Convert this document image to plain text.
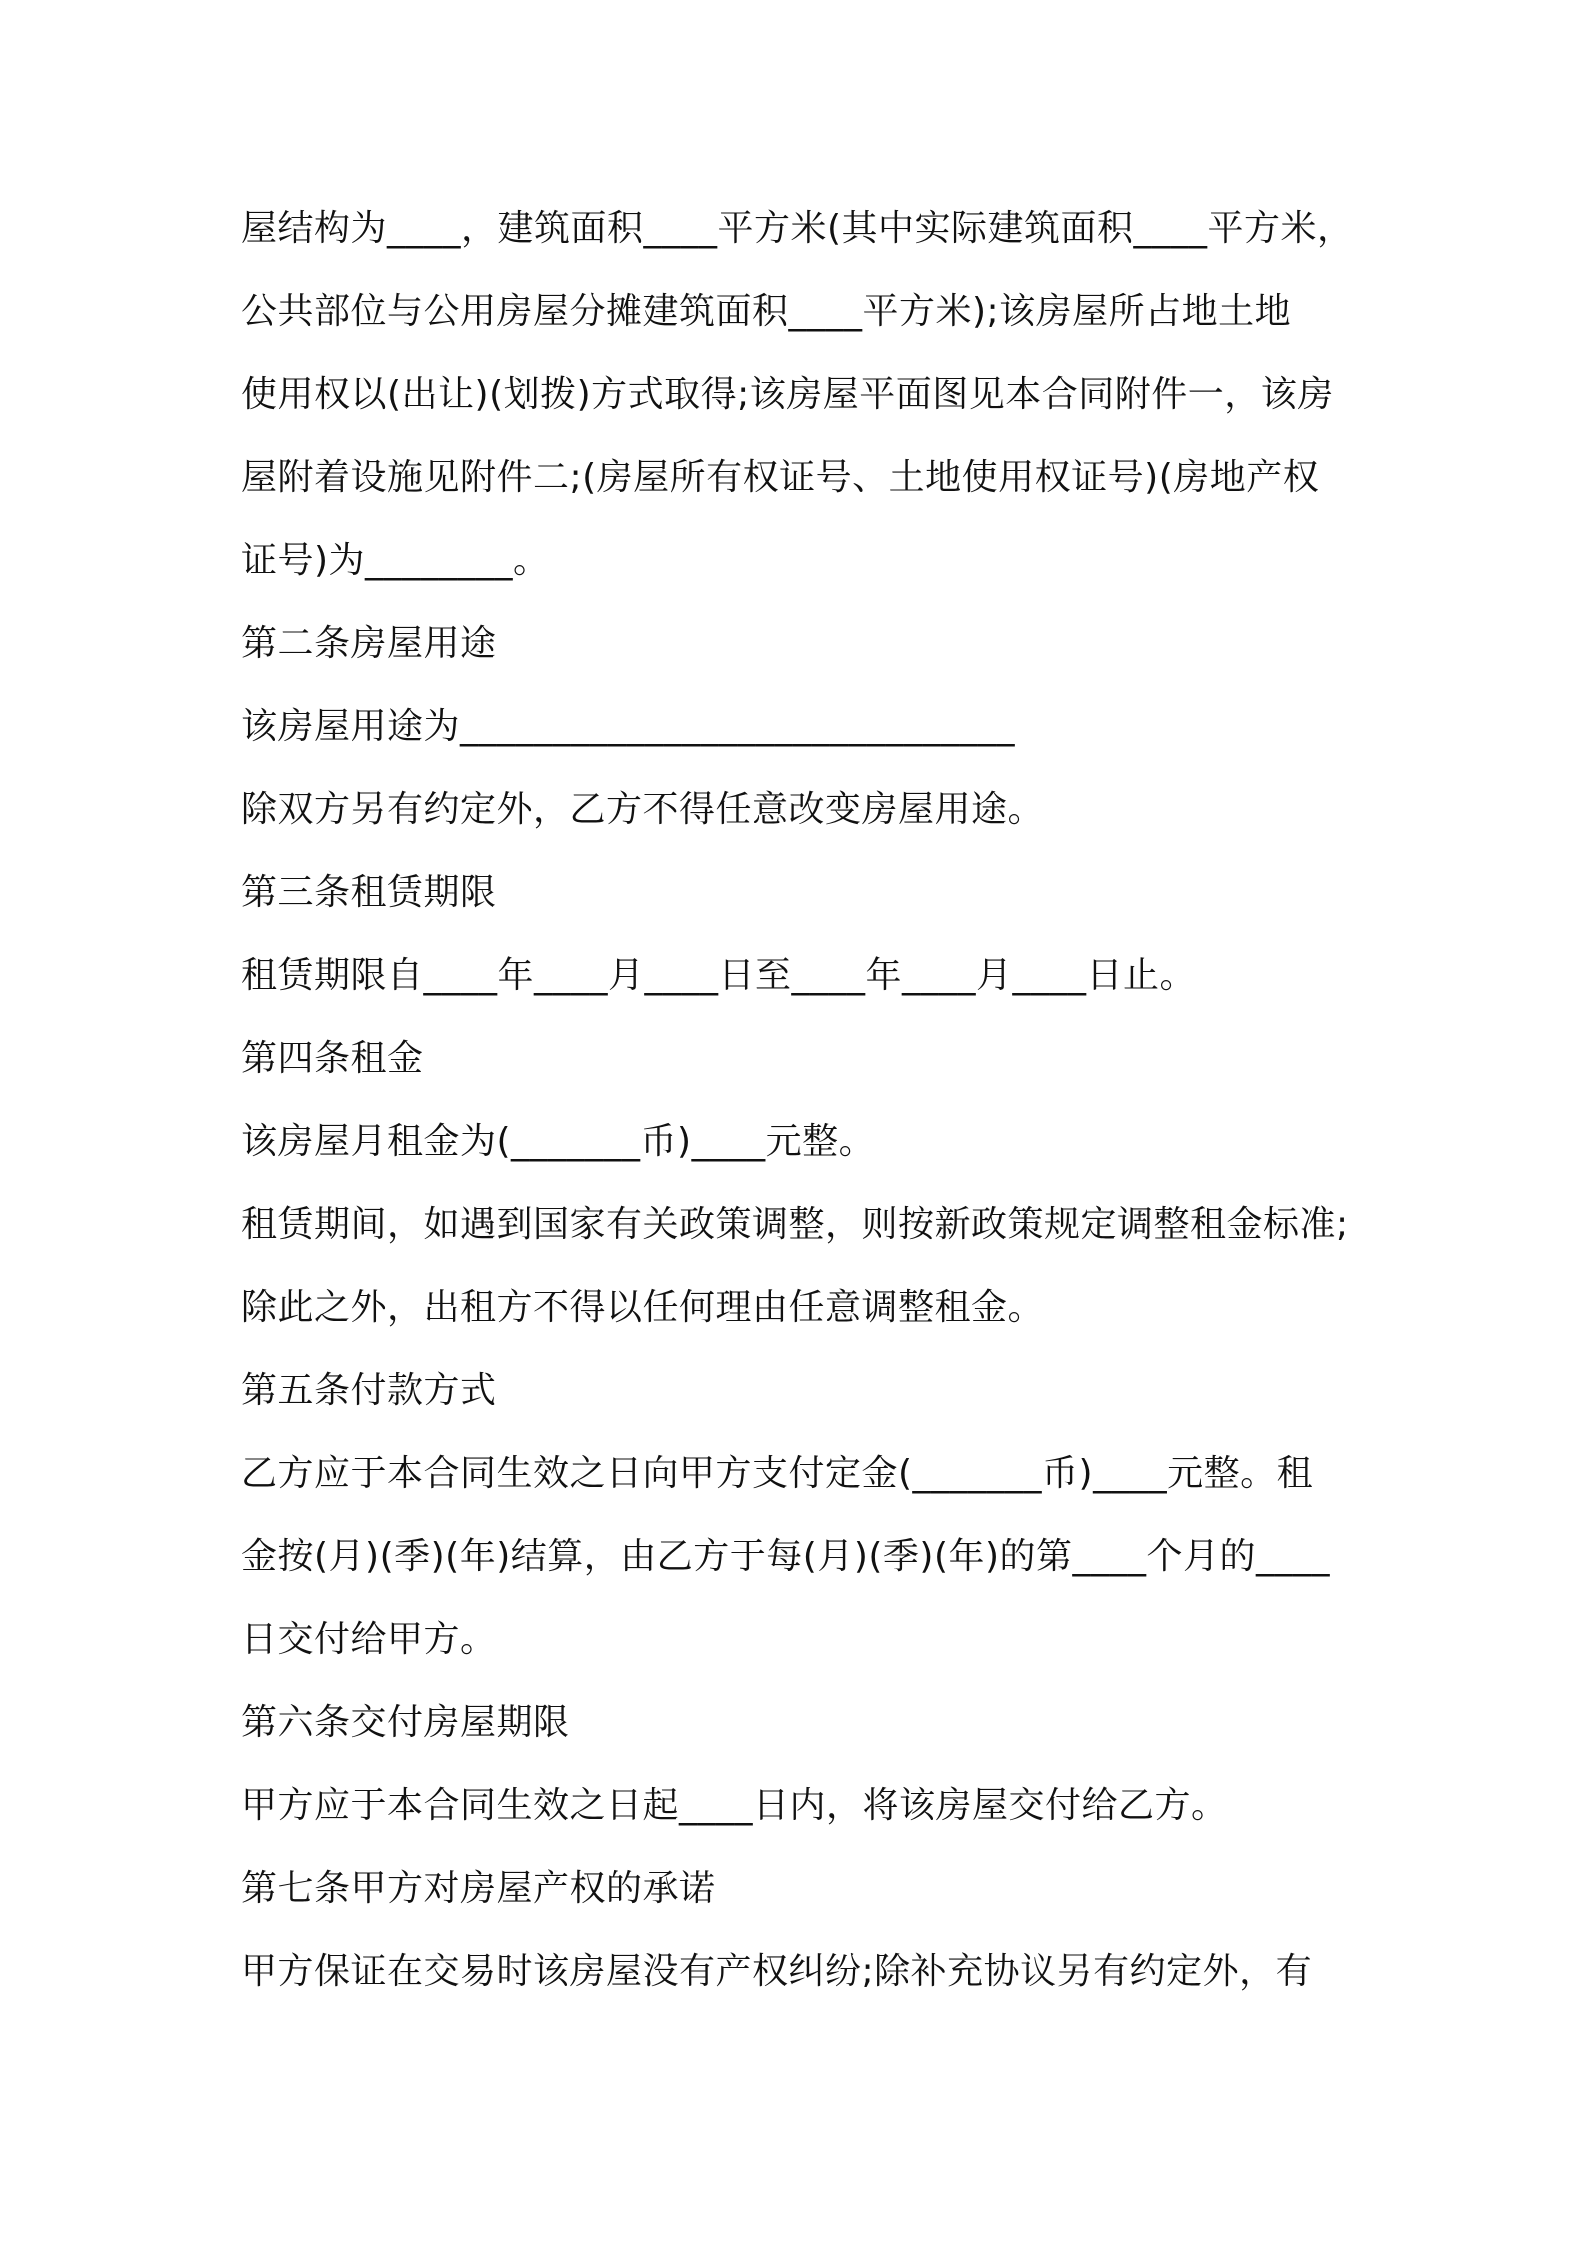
屋结构为____，建筑面积____平方米(其中实际建筑面积____平方米，
公共部位与公用房屋分摊建筑面积____平方米);该房屋所占地土地
使用权以(出让)(划拨)方式取得;该房屋平面图见本合同附件一，该房
屋附着设施见附件二;(房屋所有权证号、土地使用权证号)(房地产权
证号)为________。
第二条房屋用途
该房屋用途为______________________________
除双方另有约定外，乙方不得任意改变房屋用途。
第三条租赁期限
租赁期限自____年____月____日至____年____月____日止。
第四条租金
该房屋月租金为(_______币)____元整。
租赁期间，如遇到国家有关政策调整，则按新政策规定调整租金标准;
除此之外，出租方不得以任何理由任意调整租金。
第五条付款方式
乙方应于本合同生效之日向甲方支付定金(_______币)____元整。租
金按(月)(季)(年)结算，由乙方于每(月)(季)(年)的第____个月的____
日交付给甲方。
第六条交付房屋期限
甲方应于本合同生效之日起____日内，将该房屋交付给乙方。
第七条甲方对房屋产权的承诺
甲方保证在交易时该房屋没有产权纠纷;除补充协议另有约定外，有
